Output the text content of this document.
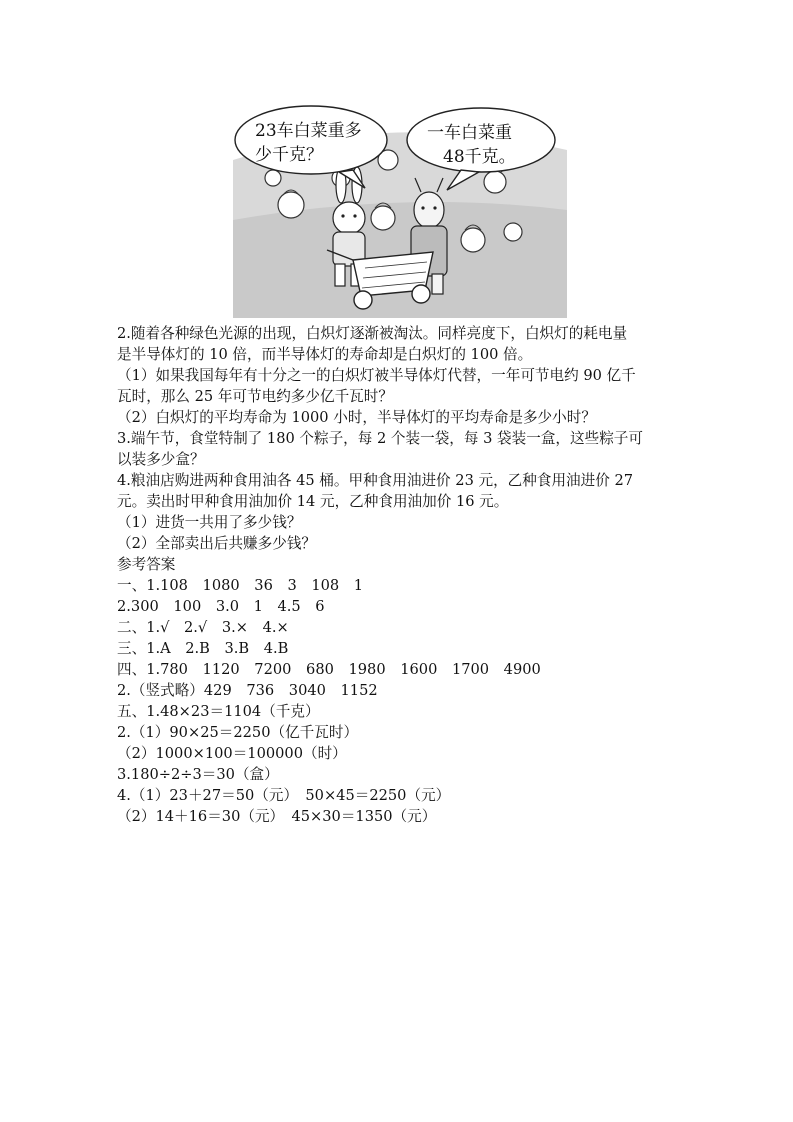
23车白菜重多
少千克？
一车白菜重
48千克。

2.随着各种绿色光源的出现，白炽灯逐渐被淘汰。同样亮度下，白炽灯的耗电量

是半导体灯的 10 倍，而半导体灯的寿命却是白炽灯的 100 倍。

（1）如果我国每年有十分之一的白炽灯被半导体灯代替，一年可节电约 90 亿千

瓦时，那么 25 年可节电约多少亿千瓦时？

（2）白炽灯的平均寿命为 1000 小时，半导体灯的平均寿命是多少小时？

3.端午节，食堂特制了 180 个粽子，每 2 个装一袋，每 3 袋装一盒，这些粽子可

以装多少盒？

4.粮油店购进两种食用油各 45 桶。甲种食用油进价 23 元，乙种食用油进价 27

元。卖出时甲种食用油加价 14 元，乙种食用油加价 16 元。

（1）进货一共用了多少钱？

（2）全部卖出后共赚多少钱？

参考答案

一、1.108　1080　36　3　108　1

2.300　100　3.0　1　4.5　6

二、1.√　2.√　3.×　4.×

三、1.A　2.B　3.B　4.B

四、1.780　1120　7200　680　1980　1600　1700　4900

2.（竖式略）429　736　3040　1152

五、1.48×23＝1104（千克）

2.（1）90×25＝2250（亿千瓦时）

（2）1000×100＝100000（时）

3.180÷2÷3＝30（盒）

4.（1）23＋27＝50（元）　50×45＝2250（元）

（2）14＋16＝30（元）　45×30＝1350（元）
